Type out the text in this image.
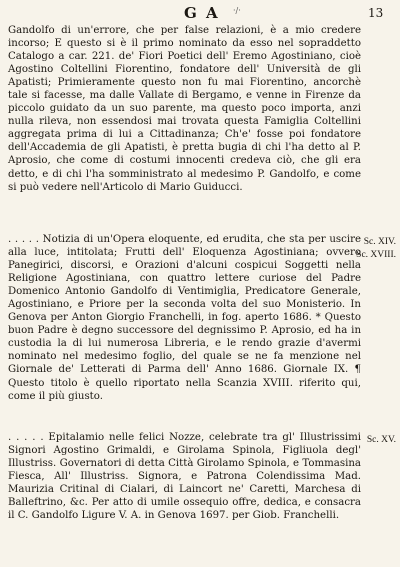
G A ·/·	13

Gandolfo di un'errore, che per false relazioni, è a mio credere incorso; E questo si è il primo nominato da esso nel sopraddetto Catalogo a car. 221. de' Fiori Poetici dell' Eremo Agostiniano, cioè Agostino Coltellini Fiorentino, fondatore dell' Università de gli Apatisti; Primieramente questo non fu mai Fiorentino, ancorchè tale si facesse, ma dalle Vallate di Bergamo, e venne in Firenze da piccolo guidato da un suo parente, ma questo poco importa, anzi nulla rileva, non essendosi mai trovata questa Famiglia Coltellini aggregata prima di lui a Cittadinanza; Ch'e' fosse poi fondatore dell'Accademia de gli Apatisti, è pretta bugia di chi l'ha detto al P. Aprosio, che come di costumi innocenti credeva ciò, che gli era detto, e di chi l'ha somministrato al medesimo P. Gandolfo, e come si può vedere nell'Articolo di Mario Guiducci.

. . . . . Notizia di un'Opera eloquente, ed erudita, che sta per uscire alla luce, intitolata; Frutti dell' Eloquenza Agostiniana; ovvero Panegirici, discorsi, e Orazioni d'alcuni cospicui Soggetti nella Religione Agostiniana, con quattro lettere curiose del Padre Domenico Antonio Gandolfo di Ventimiglia, Predicatore Generale, Agostiniano, e Priore per la seconda volta del suo Monisterio. In Genova per Anton Giorgio Franchelli, in fog. aperto 1686. * Questo buon Padre è degno successore del degnissimo P. Aprosio, ed ha in custodia la di lui numerosa Libreria, e le rendo grazie d'avermi nominato nel medesimo foglio, del quale se ne fa menzione nel Giornale de' Letterati di Parma dell' Anno 1686. Giornale IX. ¶ Questo titolo è quello riportato nella Scanzia XVIII. riferito qui, come il più giusto.

. . . . . Epitalamio nelle felici Nozze, celebrate tra gl' Illustrissimi Signori Agostino Grimaldi, e Girolama Spinola, Figliuola degl' Illustriss. Governatori di detta Città Girolamo Spinola, e Tommasina Fiesca, All' Illustriss. Signora, e Patrona Colendissima Mad. Maurizia Critinal di Cialari, di Laincort ne' Caretti, Marchesa di Balleftrino, &c. Per atto di umile ossequio offre, dedica, e consacra il C. Gandolfo Ligure V. A. in Genova 1697. per Giob. Franchelli.

Sc. XIV.
Sc. XVIII.
Sc. XV.
